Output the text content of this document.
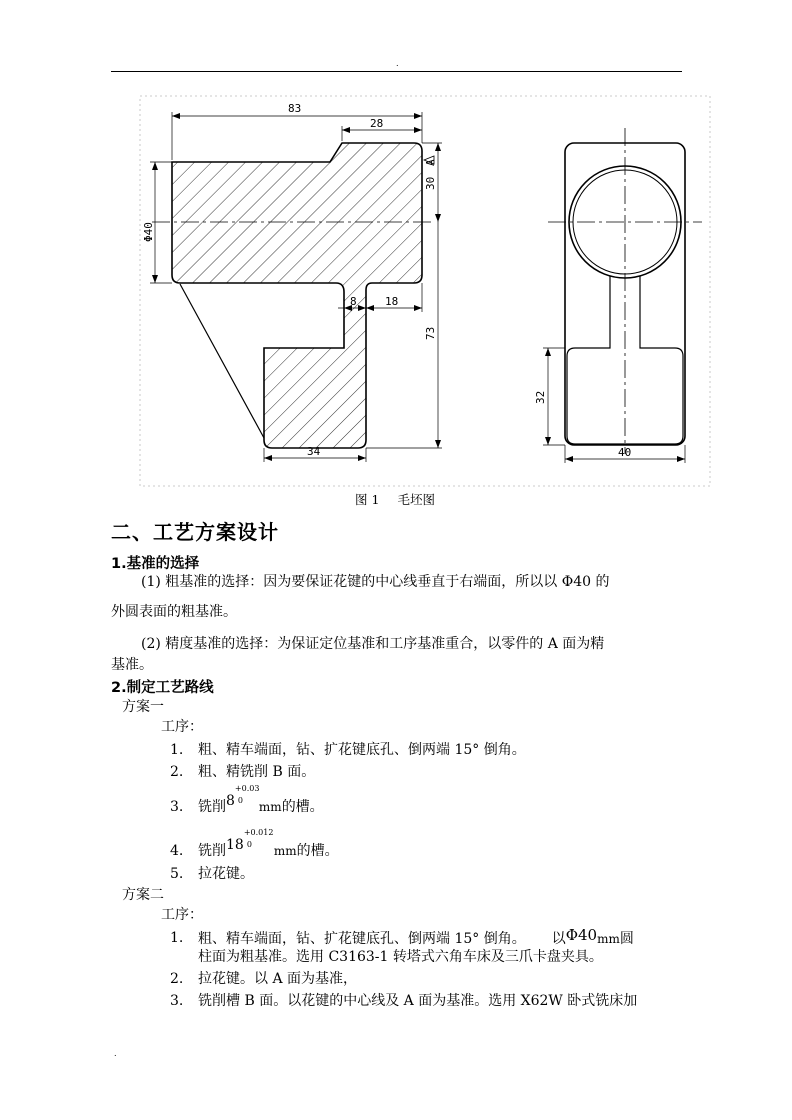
.
83
28
30
A
Φ40
8	18
73
34
32
40
图 1 毛坯图
二、工艺方案设计
1.基准的选择
(1) 粗基准的选择：因为要保证花键的中心线垂直于右端面，所以以 Φ40 的
外圆表面的粗基准。
(2) 精度基准的选择：为保证定位基准和工序基准重合，以零件的 A 面为精
基准。
2.制定工艺路线
方案一
工序：
1. 粗、精车端面，钻、扩花键底孔、倒两端 15° 倒角。
2. 粗、精铣削 B 面。
3. 铣削8
+0.03
0 mm的槽。
4. 铣削18
+0.012
0 mm的槽。
5. 拉花键。
方案二
工序：
1. 粗、精车端面，钻、扩花键底孔、倒两端 15° 倒角。 以Φ40mm圆
柱面为粗基准。选用 C3163-1 转塔式六角车床及三爪卡盘夹具。
2. 拉花键。以 A 面为基准，
3. 铣削槽 B 面。以花键的中心线及 A 面为基准。选用 X62W 卧式铣床加
.
